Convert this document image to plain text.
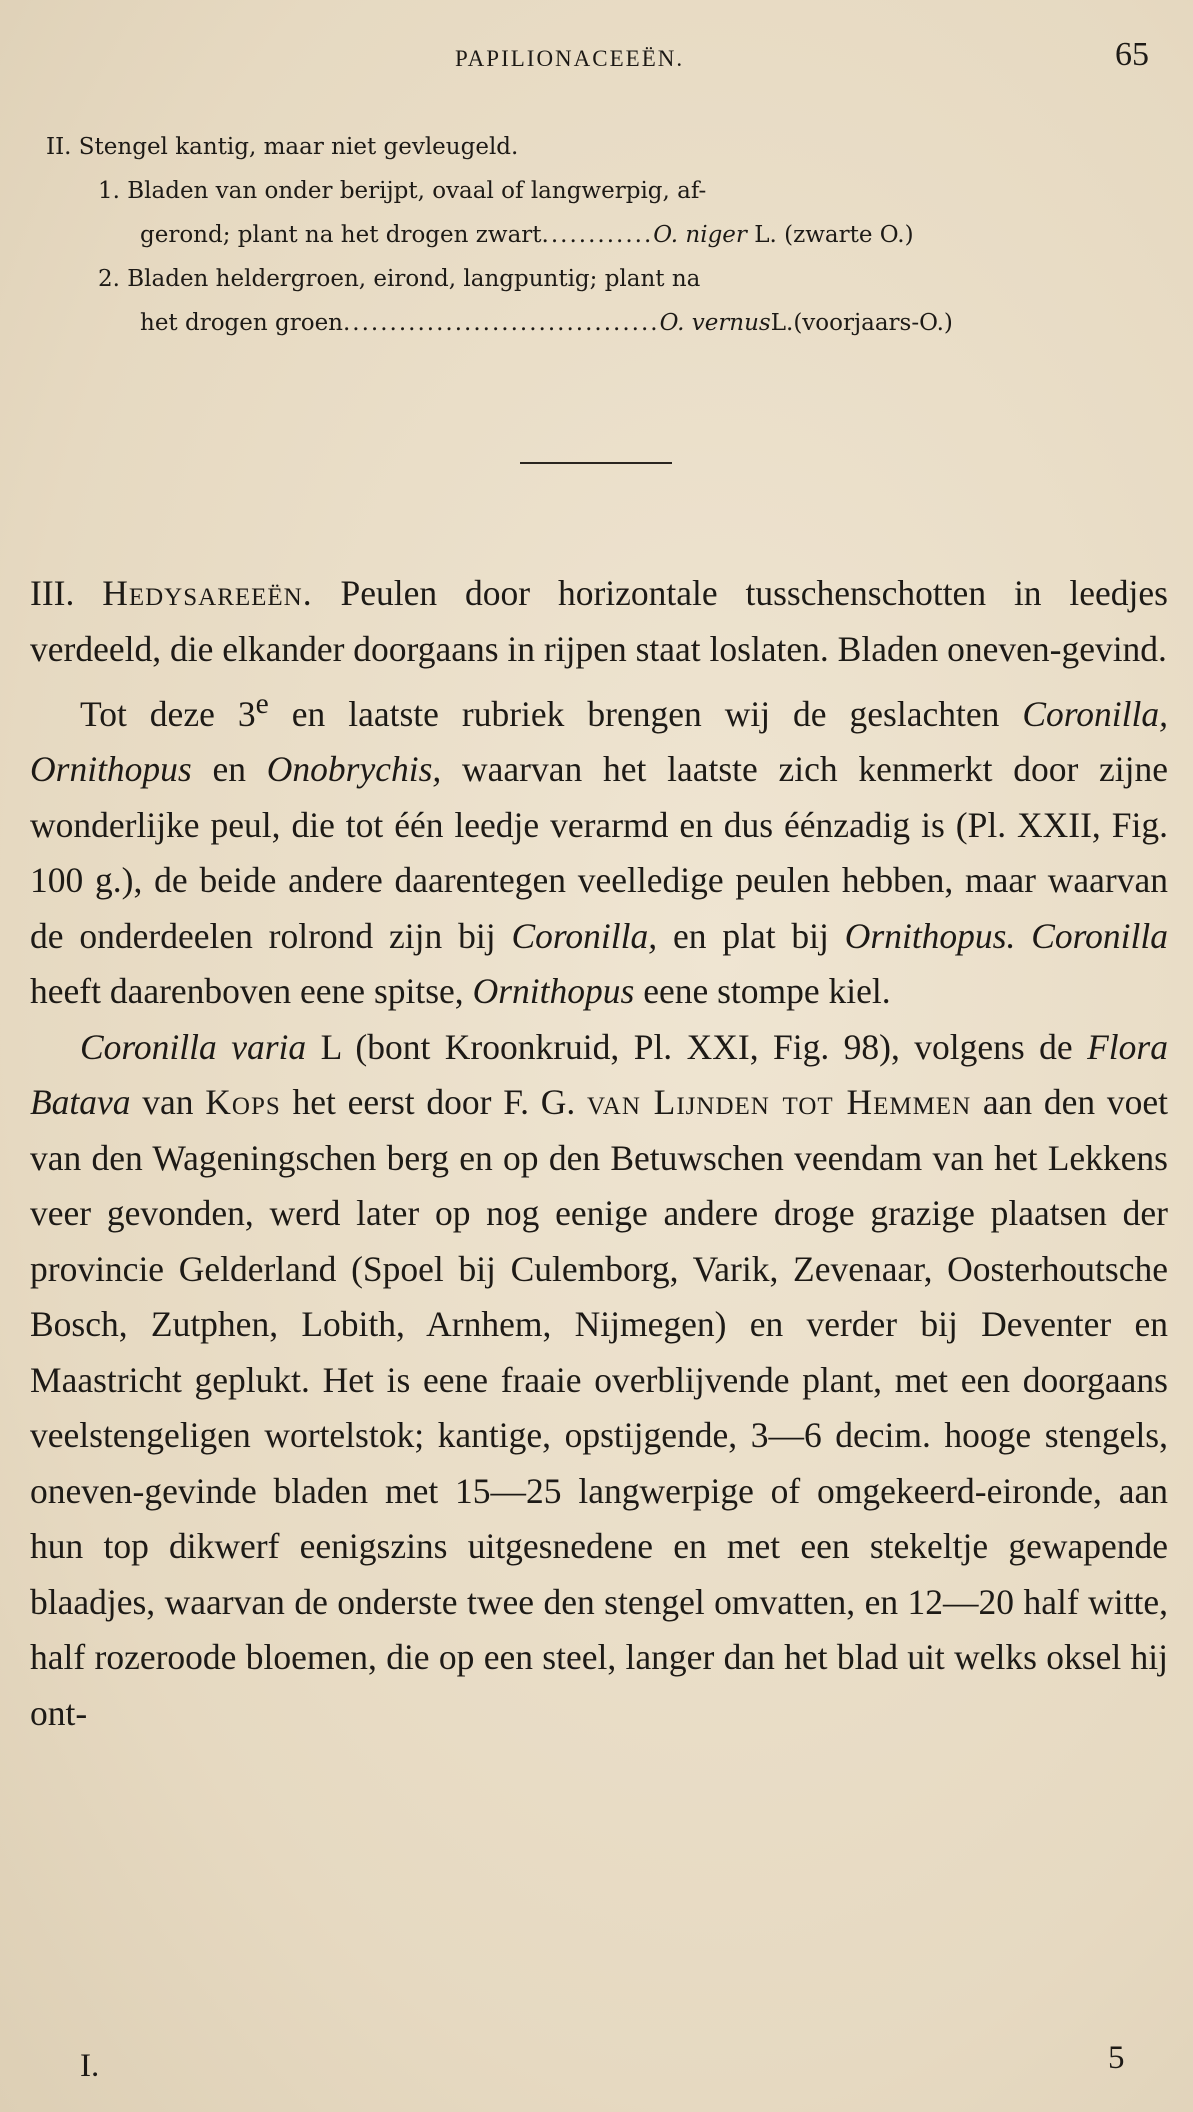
PAPILIONACEEËN.	65
II. Stengel kantig, maar niet gevleugeld.
1. Bladen van onder berijpt, ovaal of langwerpig, af-
gerond; plant na het drogen zwart............O. niger L. (zwarte O.)
2. Bladen heldergroen, eirond, langpuntig; plant na
het drogen groen..................................O. vernusL.(voorjaars-O.)

III. Hedysareeën. Peulen door horizontale tusschenschotten in leedjes verdeeld, die elkander doorgaans in rijpen staat loslaten. Bladen oneven-gevind.

Tot deze 3e en laatste rubriek brengen wij de geslachten Coronilla, Ornithopus en Onobrychis, waarvan het laatste zich kenmerkt door zijne wonderlijke peul, die tot één leedje verarmd en dus éénzadig is (Pl. XXII, Fig. 100 g.), de beide andere daarentegen veelledige peulen hebben, maar waarvan de onderdeelen rolrond zijn bij Coronilla, en plat bij Ornithopus. Coronilla heeft daarenboven eene spitse, Ornithopus eene stompe kiel.

Coronilla varia L (bont Kroonkruid, Pl. XXI, Fig. 98), volgens de Flora Batava van Kops het eerst door F. G. van Lijnden tot Hemmen aan den voet van den Wageningschen berg en op den Betuwschen veendam van het Lekkens veer gevonden, werd later op nog eenige andere droge grazige plaatsen der provincie Gelderland (Spoel bij Culemborg, Varik, Zevenaar, Oosterhoutsche Bosch, Zutphen, Lobith, Arnhem, Nijmegen) en verder bij Deventer en Maastricht geplukt. Het is eene fraaie overblijvende plant, met een doorgaans veelstengeligen wortelstok; kantige, opstijgende, 3—6 decim. hooge stengels, oneven-gevinde bladen met 15—25 langwerpige of omgekeerd-eironde, aan hun top dikwerf eenigszins uitgesnedene en met een stekeltje gewapende blaadjes, waarvan de onderste twee den stengel omvatten, en 12—20 half witte, half rozeroode bloemen, die op een steel, langer dan het blad uit welks oksel hij ont-

I.	5
